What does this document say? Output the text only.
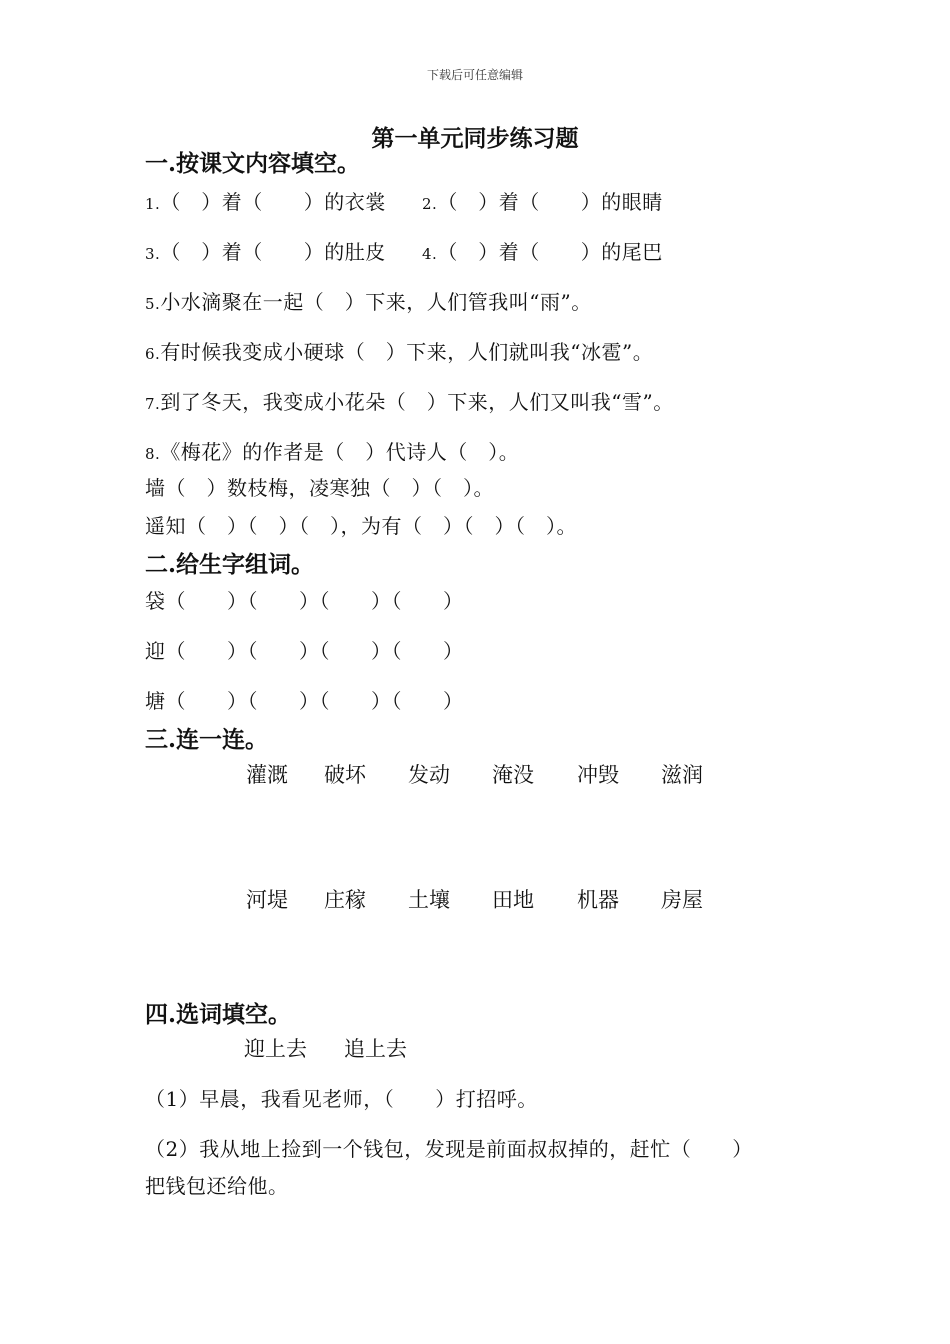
下载后可任意编辑
第一单元同步练习题
一.按课文内容填空。
1.（　）着（　　）的衣裳 2.（　）着（　　）的眼睛
3.（　）着（　　）的肚皮 4.（　）着（　　）的尾巴
5.小水滴聚在一起（　）下来，人们管我叫“雨”。
6.有时候我变成小硬球（　）下来，人们就叫我“冰雹”。
7.到了冬天，我变成小花朵（　）下来，人们又叫我“雪”。
8.《梅花》的作者是（　）代诗人（　）。
墙（　）数枝梅，凌寒独（　）（　）。
遥知（　）（　）（　），为有（　）（　）（　）。
二.给生字组词。
袋（　　）（　　）（　　）（　　）
迎（　　）（　　）（　　）（　　）
塘（　　）（　　）（　　）（　　）
三.连一连。
灌溉 破坏 发动 淹没 冲毁 滋润
河堤 庄稼 土壤 田地 机器 房屋
四.选词填空。
迎上去 追上去
（1）早晨，我看见老师，（　　）打招呼。
（2）我从地上捡到一个钱包，发现是前面叔叔掉的，赶忙（　　）
把钱包还给他。
